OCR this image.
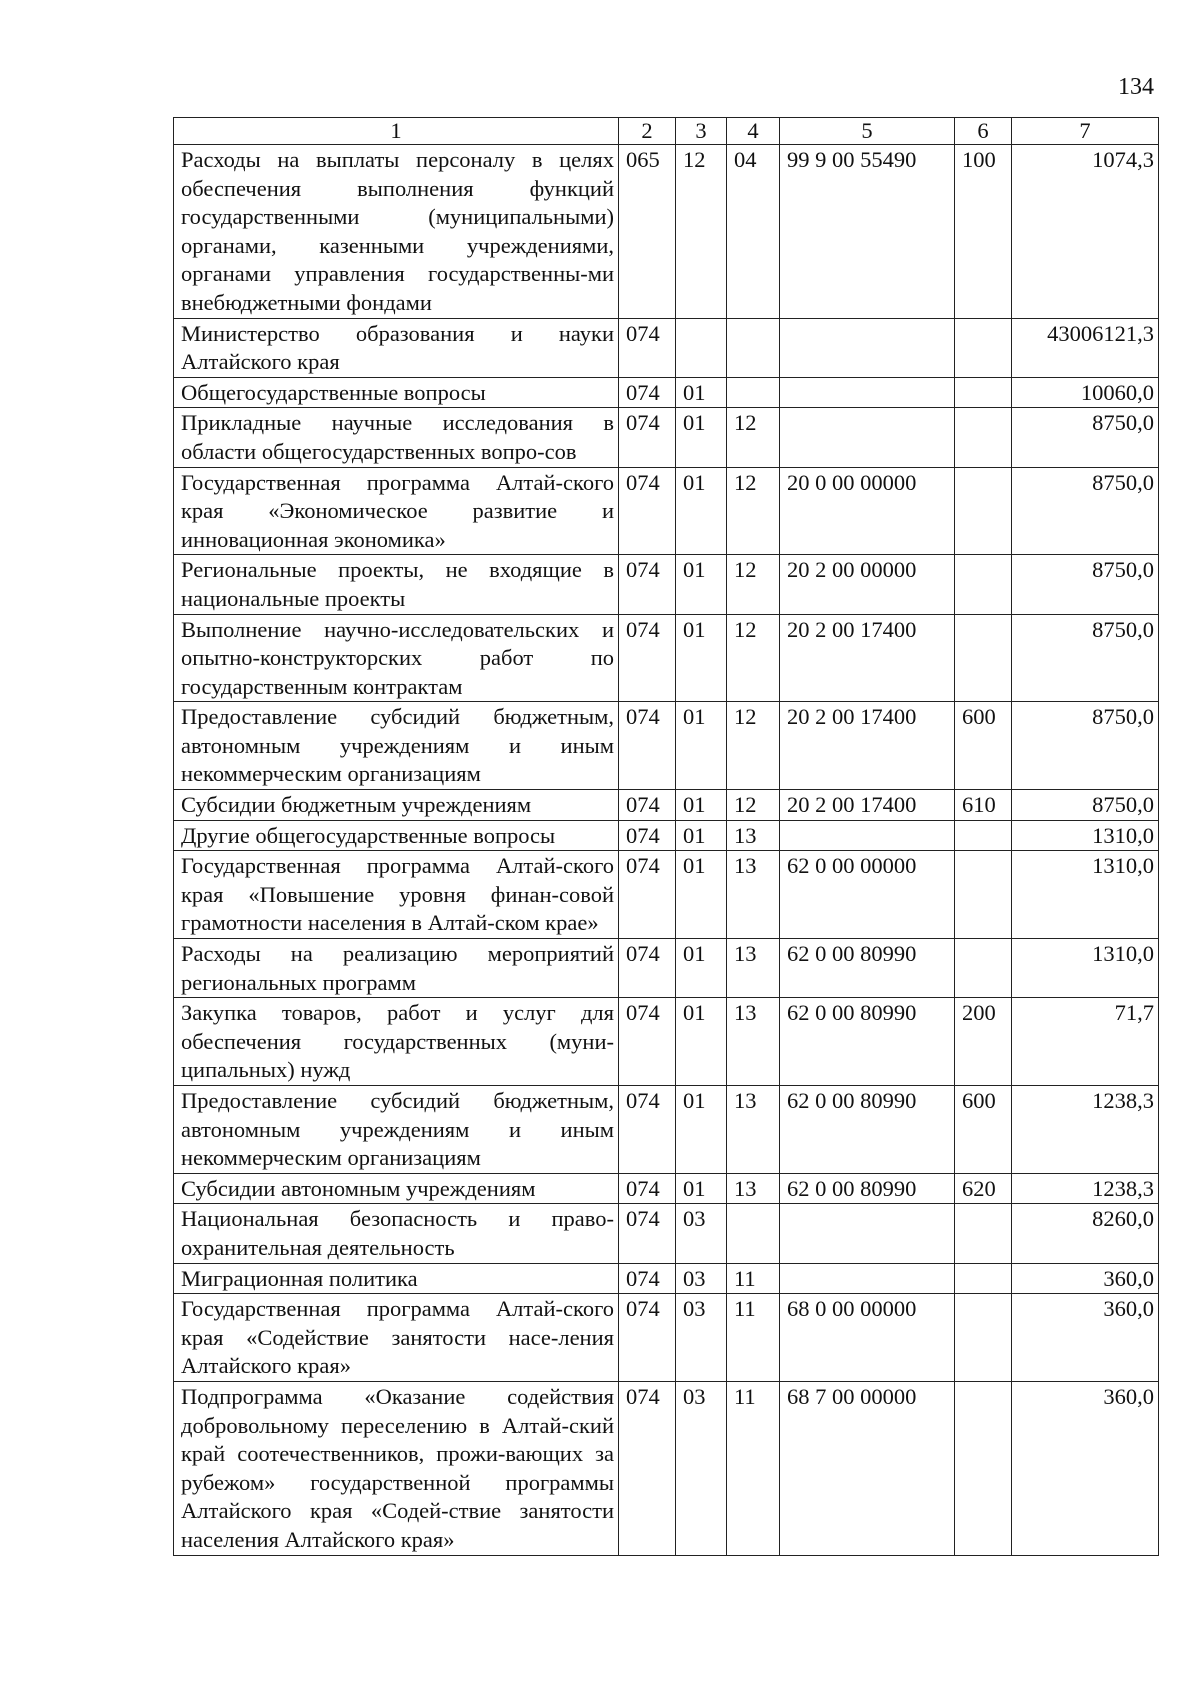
134
1	2	3	4	5	6	7
Расходы на выплаты персоналу в целях обеспечения выполнения функций государственными (муниципальными) органами, казенными учреждениями, органами управления государственны-ми внебюджетными фондами	065	12	04	99 9 00 55490	100	1074,3
Министерство образования и науки Алтайского края	074					43006121,3
Общегосударственные вопросы	074	01				10060,0
Прикладные научные исследования в области общегосударственных вопро-сов	074	01	12			8750,0
Государственная программа Алтай-ского края «Экономическое развитие и инновационная экономика»	074	01	12	20 0 00 00000		8750,0
Региональные проекты, не входящие в национальные проекты	074	01	12	20 2 00 00000		8750,0
Выполнение научно-исследовательских и опытно-конструкторских работ по государственным контрактам	074	01	12	20 2 00 17400		8750,0
Предоставление субсидий бюджетным, автономным учреждениям и иным некоммерческим организациям	074	01	12	20 2 00 17400	600	8750,0
Субсидии бюджетным учреждениям	074	01	12	20 2 00 17400	610	8750,0
Другие общегосударственные вопросы	074	01	13			1310,0
Государственная программа Алтай-ского края «Повышение уровня финан-совой грамотности населения в Алтай-ском крае»	074	01	13	62 0 00 00000		1310,0
Расходы на реализацию мероприятий региональных программ	074	01	13	62 0 00 80990		1310,0
Закупка товаров, работ и услуг для обеспечения государственных (муни-ципальных) нужд	074	01	13	62 0 00 80990	200	71,7
Предоставление субсидий бюджетным, автономным учреждениям и иным некоммерческим организациям	074	01	13	62 0 00 80990	600	1238,3
Субсидии автономным учреждениям	074	01	13	62 0 00 80990	620	1238,3
Национальная безопасность и право-охранительная деятельность	074	03				8260,0
Миграционная политика	074	03	11			360,0
Государственная программа Алтай-ского края «Содействие занятости насе-ления Алтайского края»	074	03	11	68 0 00 00000		360,0
Подпрограмма «Оказание содействия добровольному переселению в Алтай-ский край соотечественников, прожи-вающих за рубежом» государственной программы Алтайского края «Содей-ствие занятости населения Алтайского края»	074	03	11	68 7 00 00000		360,0
